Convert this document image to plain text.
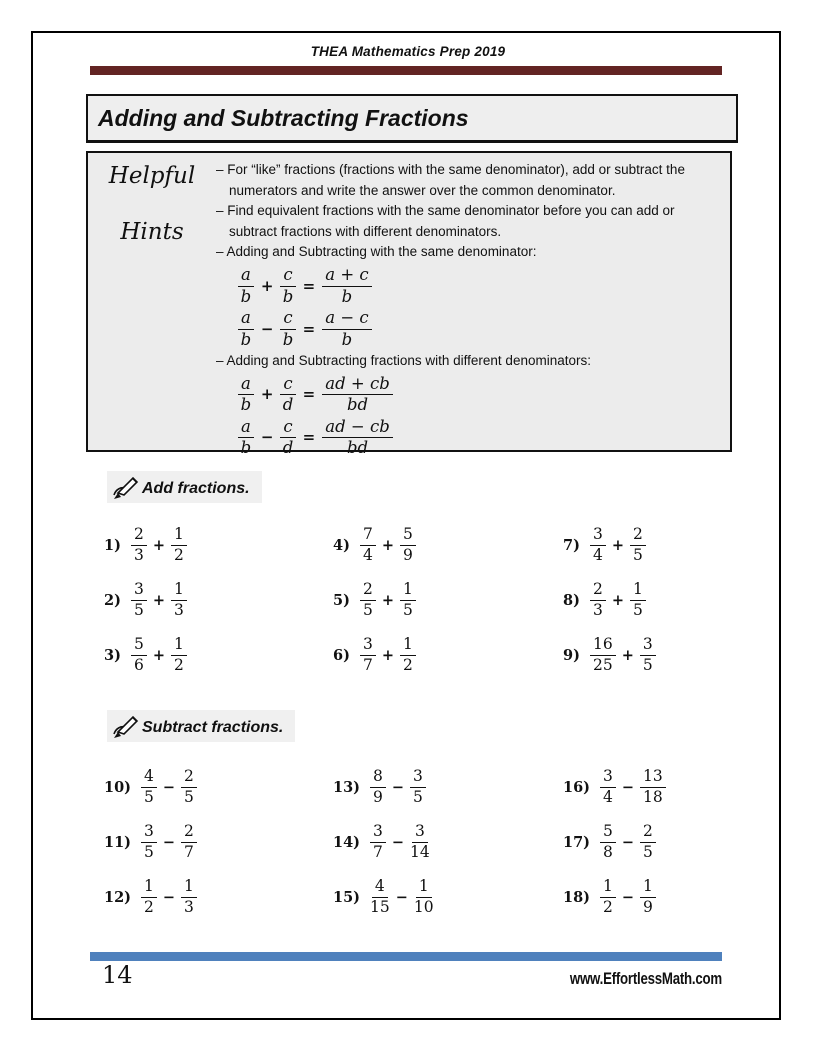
THEA Mathematics Prep 2019
Adding and Subtracting Fractions
Helpful
Hints

– For “like” fractions (fractions with the same denominator), add or subtract the numerators and write the answer over the common denominator.

– Find equivalent fractions with the same denominator before you can add or subtract fractions with different denominators.

– Adding and Subtracting with the same denominator:

$\frac{a}{b} + \frac{c}{b} = \frac{a + c}{b}$
$\frac{a}{b} - \frac{c}{b} = \frac{a - c}{b}$

– Adding and Subtracting fractions with different denominators:

$\frac{a}{b} + \frac{c}{d} = \frac{ad + cb}{bd}$
$\frac{a}{b} - \frac{c}{d} = \frac{ad - cb}{bd}$
Add fractions.
$1) \frac{2}{3} + \frac{1}{2}$
$2) \frac{3}{5} + \frac{1}{3}$
$3) \frac{5}{6} + \frac{1}{2}$
$4) \frac{7}{4} + \frac{5}{9}$
$5) \frac{2}{5} + \frac{1}{5}$
$6) \frac{3}{7} + \frac{1}{2}$
$7) \frac{3}{4} + \frac{2}{5}$
$8) \frac{2}{3} + \frac{1}{5}$
$9) \frac{16}{25} + \frac{3}{5}$
Subtract fractions.
$10) \frac{4}{5} - \frac{2}{5}$
$11) \frac{3}{5} - \frac{2}{7}$
$12) \frac{1}{2} - \frac{1}{3}$
$13) \frac{8}{9} - \frac{3}{5}$
$14) \frac{3}{7} - \frac{3}{14}$
$15) \frac{4}{15} - \frac{1}{10}$
$16) \frac{3}{4} - \frac{13}{18}$
$17) \frac{5}{8} - \frac{2}{5}$
$18) \frac{1}{2} - \frac{1}{9}$
14	www.EffortlessMath.com
